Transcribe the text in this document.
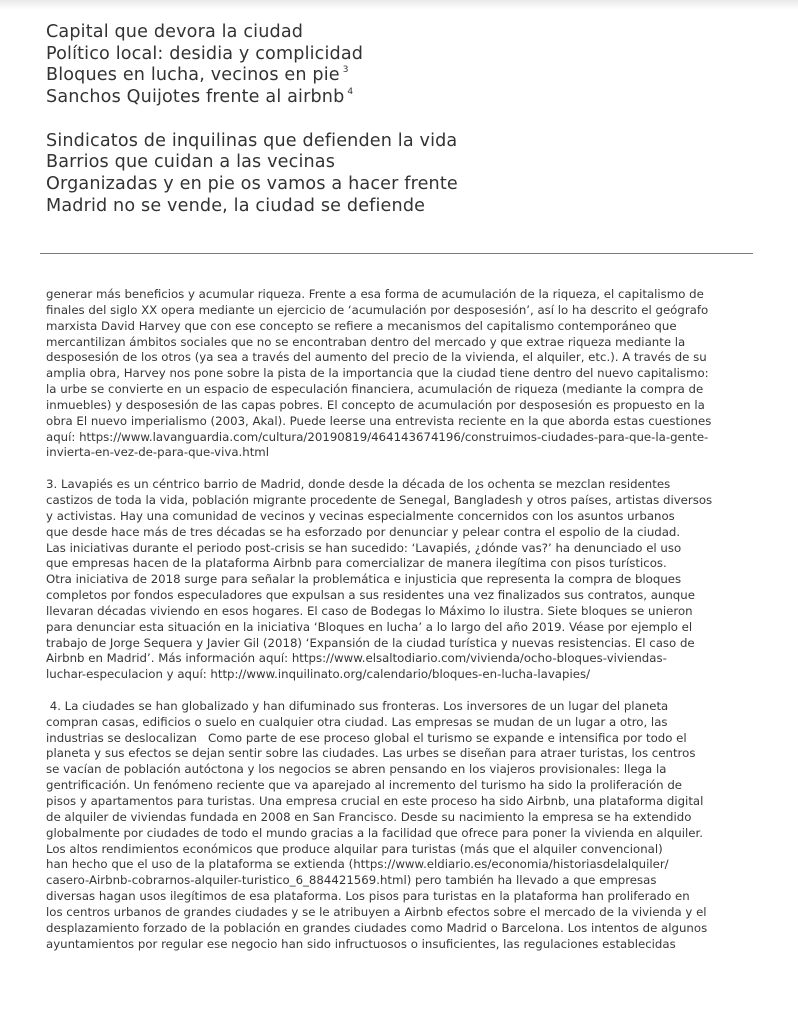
Capital que devora la ciudad
Político local: desidia y complicidad
Bloques en lucha, vecinos en pie $^3$
Sanchos Quijotes frente al airbnb $^4$
Sindicatos de inquilinas que defienden la vida
Barrios que cuidan a las vecinas
Organizadas y en pie os vamos a hacer frente
Madrid no se vende, la ciudad se defiende
generar más beneficios y acumular riqueza. Frente a esa forma de acumulación de la riqueza, el capitalismo de
finales del siglo XX opera mediante un ejercicio de ‘acumulación por desposesión’, así lo ha descrito el geógrafo
marxista David Harvey que con ese concepto se refiere a mecanismos del capitalismo contemporáneo que
mercantilizan ámbitos sociales que no se encontraban dentro del mercado y que extrae riqueza mediante la
desposesión de los otros (ya sea a través del aumento del precio de la vivienda, el alquiler, etc.). A través de su
amplia obra, Harvey nos pone sobre la pista de la importancia que la ciudad tiene dentro del nuevo capitalismo:
la urbe se convierte en un espacio de especulación financiera, acumulación de riqueza (mediante la compra de
inmuebles) y desposesión de las capas pobres. El concepto de acumulación por desposesión es propuesto en la
obra El nuevo imperialismo (2003, Akal). Puede leerse una entrevista reciente en la que aborda estas cuestiones
aquí: https://www.lavanguardia.com/cultura/20190819/464143674196/construimos-ciudades-para-que-la-gente-
invierta-en-vez-de-para-que-viva.html
3. Lavapiés es un céntrico barrio de Madrid, donde desde la década de los ochenta se mezclan residentes
castizos de toda la vida, población migrante procedente de Senegal, Bangladesh y otros países, artistas diversos
y activistas. Hay una comunidad de vecinos y vecinas especialmente concernidos con los asuntos urbanos
que desde hace más de tres décadas se ha esforzado por denunciar y pelear contra el espolio de la ciudad.
Las iniciativas durante el periodo post-crisis se han sucedido: ‘Lavapiés, ¿dónde vas?’ ha denunciado el uso
que empresas hacen de la plataforma Airbnb para comercializar de manera ilegítima con pisos turísticos.
Otra iniciativa de 2018 surge para señalar la problemática e injusticia que representa la compra de bloques
completos por fondos especuladores que expulsan a sus residentes una vez finalizados sus contratos, aunque
llevaran décadas viviendo en esos hogares. El caso de Bodegas lo Máximo lo ilustra. Siete bloques se unieron
para denunciar esta situación en la iniciativa ‘Bloques en lucha’ a lo largo del año 2019. Véase por ejemplo el
trabajo de Jorge Sequera y Javier Gil (2018) ‘Expansión de la ciudad turística y nuevas resistencias. El caso de
Airbnb en Madrid’. Más información aquí: https://www.elsaltodiario.com/vivienda/ocho-bloques-viviendas-
luchar-especulacion y aquí: http://www.inquilinato.org/calendario/bloques-en-lucha-lavapies/
4. La ciudades se han globalizado y han difuminado sus fronteras. Los inversores de un lugar del planeta
compran casas, edificios o suelo en cualquier otra ciudad. Las empresas se mudan de un lugar a otro, las
industrias se deslocalizan   Como parte de ese proceso global el turismo se expande e intensifica por todo el
planeta y sus efectos se dejan sentir sobre las ciudades. Las urbes se diseñan para atraer turistas, los centros
se vacían de población autóctona y los negocios se abren pensando en los viajeros provisionales: llega la
gentrificación. Un fenómeno reciente que va aparejado al incremento del turismo ha sido la proliferación de
pisos y apartamentos para turistas. Una empresa crucial en este proceso ha sido Airbnb, una plataforma digital
de alquiler de viviendas fundada en 2008 en San Francisco. Desde su nacimiento la empresa se ha extendido
globalmente por ciudades de todo el mundo gracias a la facilidad que ofrece para poner la vivienda en alquiler.
Los altos rendimientos económicos que produce alquilar para turistas (más que el alquiler convencional)
han hecho que el uso de la plataforma se extienda (https://www.eldiario.es/economia/historiasdelalquiler/
casero-Airbnb-cobrarnos-alquiler-turistico_6_884421569.html) pero también ha llevado a que empresas
diversas hagan usos ilegítimos de esa plataforma. Los pisos para turistas en la plataforma han proliferado en
los centros urbanos de grandes ciudades y se le atribuyen a Airbnb efectos sobre el mercado de la vivienda y el
desplazamiento forzado de la población en grandes ciudades como Madrid o Barcelona. Los intentos de algunos
ayuntamientos por regular ese negocio han sido infructuosos o insuficientes, las regulaciones establecidas
